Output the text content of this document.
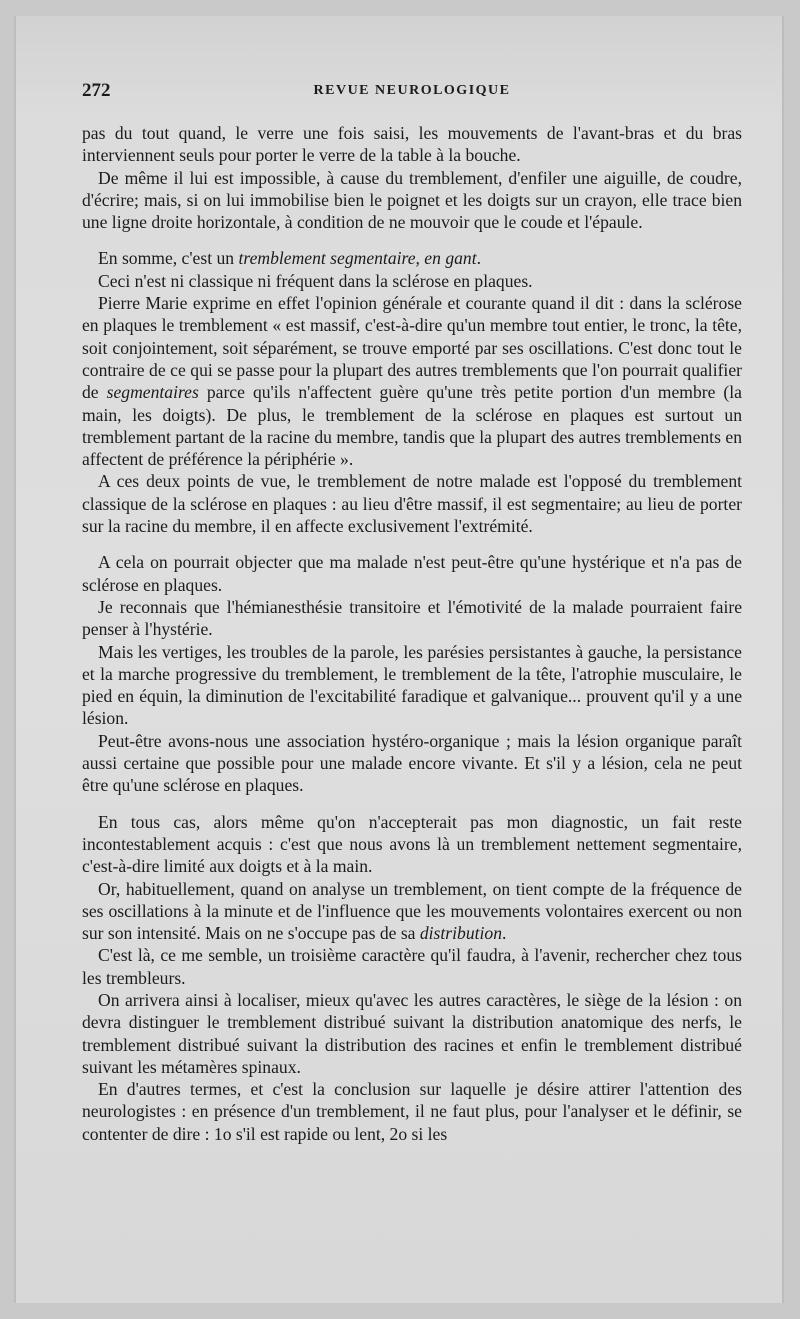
272	REVUE NEUROLOGIQUE

pas du tout quand, le verre une fois saisi, les mouvements de l'avant-bras et du bras interviennent seuls pour porter le verre de la table à la bouche.

De même il lui est impossible, à cause du tremblement, d'enfiler une aiguille, de coudre, d'écrire; mais, si on lui immobilise bien le poignet et les doigts sur un crayon, elle trace bien une ligne droite horizontale, à condition de ne mouvoir que le coude et l'épaule.

En somme, c'est un tremblement segmentaire, en gant.

Ceci n'est ni classique ni fréquent dans la sclérose en plaques.

Pierre Marie exprime en effet l'opinion générale et courante quand il dit : dans la sclérose en plaques le tremblement « est massif, c'est-à-dire qu'un membre tout entier, le tronc, la tête, soit conjointement, soit séparément, se trouve emporté par ses oscillations. C'est donc tout le contraire de ce qui se passe pour la plupart des autres tremblements que l'on pourrait qualifier de segmentaires parce qu'ils n'affectent guère qu'une très petite portion d'un membre (la main, les doigts). De plus, le tremblement de la sclérose en plaques est surtout un tremblement partant de la racine du membre, tandis que la plupart des autres tremblements en affectent de préférence la périphérie ».

A ces deux points de vue, le tremblement de notre malade est l'opposé du tremblement classique de la sclérose en plaques : au lieu d'être massif, il est segmentaire; au lieu de porter sur la racine du membre, il en affecte exclusivement l'extrémité.

A cela on pourrait objecter que ma malade n'est peut-être qu'une hystérique et n'a pas de sclérose en plaques.

Je reconnais que l'hémianesthésie transitoire et l'émotivité de la malade pourraient faire penser à l'hystérie.

Mais les vertiges, les troubles de la parole, les parésies persistantes à gauche, la persistance et la marche progressive du tremblement, le tremblement de la tête, l'atrophie musculaire, le pied en équin, la diminution de l'excitabilité faradique et galvanique... prouvent qu'il y a une lésion.

Peut-être avons-nous une association hystéro-organique ; mais la lésion organique paraît aussi certaine que possible pour une malade encore vivante. Et s'il y a lésion, cela ne peut être qu'une sclérose en plaques.

En tous cas, alors même qu'on n'accepterait pas mon diagnostic, un fait reste incontestablement acquis : c'est que nous avons là un tremblement nettement segmentaire, c'est-à-dire limité aux doigts et à la main.

Or, habituellement, quand on analyse un tremblement, on tient compte de la fréquence de ses oscillations à la minute et de l'influence que les mouvements volontaires exercent ou non sur son intensité. Mais on ne s'occupe pas de sa distribution.

C'est là, ce me semble, un troisième caractère qu'il faudra, à l'avenir, rechercher chez tous les trembleurs.

On arrivera ainsi à localiser, mieux qu'avec les autres caractères, le siège de la lésion : on devra distinguer le tremblement distribué suivant la distribution anatomique des nerfs, le tremblement distribué suivant la distribution des racines et enfin le tremblement distribué suivant les métamères spinaux.

En d'autres termes, et c'est la conclusion sur laquelle je désire attirer l'attention des neurologistes : en présence d'un tremblement, il ne faut plus, pour l'analyser et le définir, se contenter de dire : 1o s'il est rapide ou lent, 2o si les
